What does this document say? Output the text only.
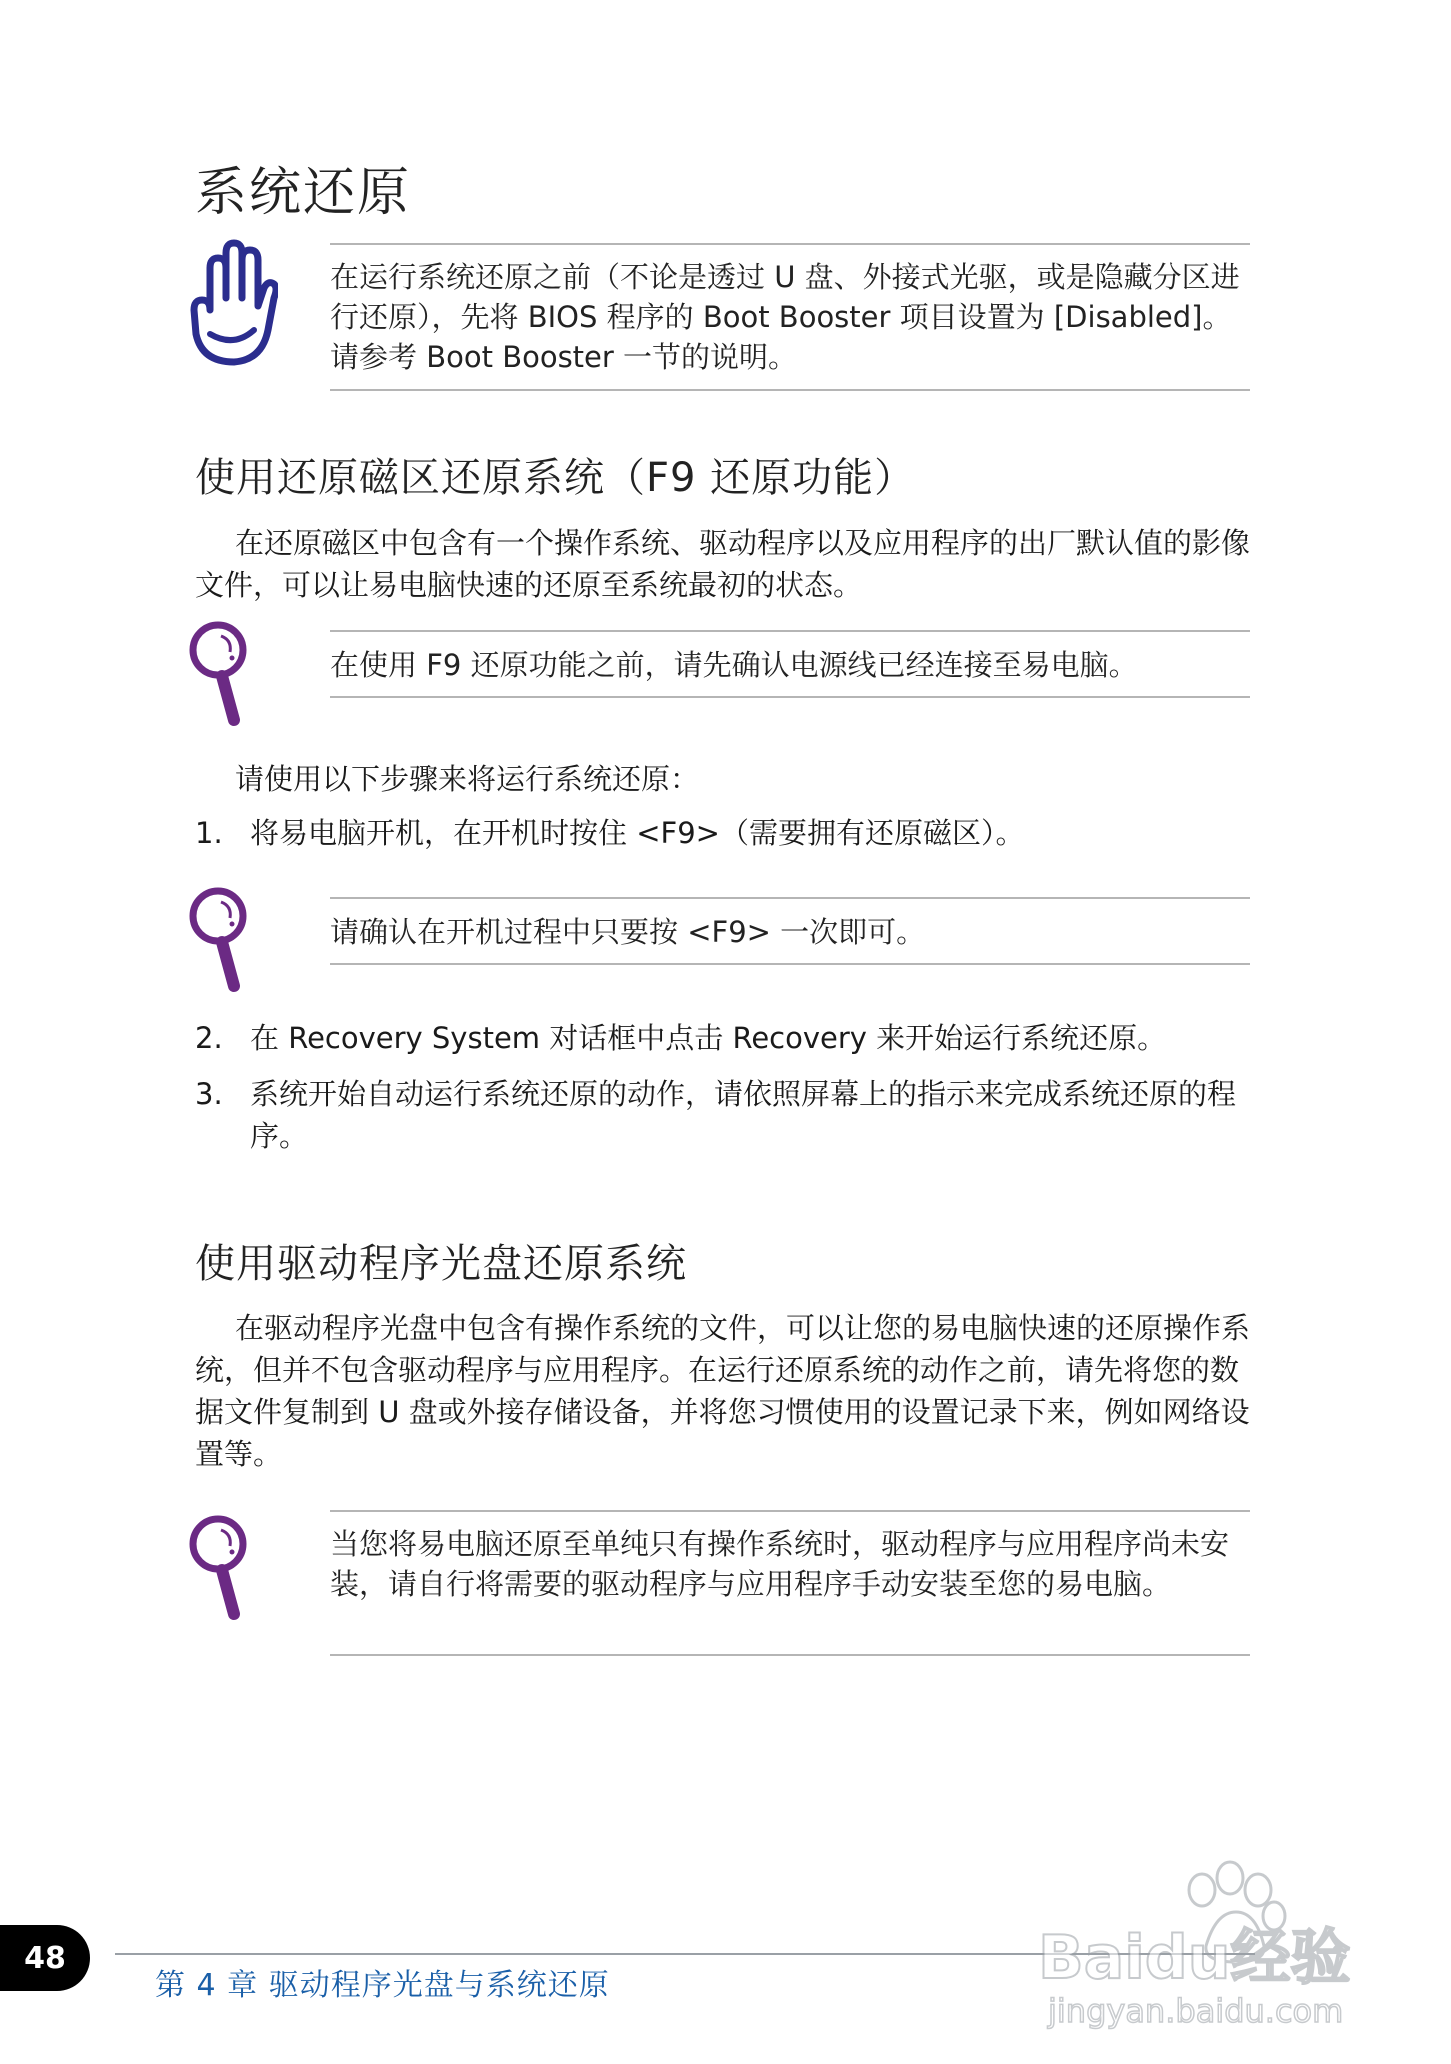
系统还原
在运行系统还原之前（不论是透过 U 盘、外接式光驱，或是隐藏分区进行还原），先将 BIOS 程序的 Boot Booster 项目设置为 [Disabled]。请参考 Boot Booster 一节的说明。
使用还原磁区还原系统（F9 还原功能）
在还原磁区中包含有一个操作系统、驱动程序以及应用程序的出厂默认值的影像文件，可以让易电脑快速的还原至系统最初的状态。
在使用 F9 还原功能之前，请先确认电源线已经连接至易电脑。
请使用以下步骤来将运行系统还原：
1. 将易电脑开机，在开机时按住 <F9>（需要拥有还原磁区）。
请确认在开机过程中只要按 <F9> 一次即可。
2. 在 Recovery System 对话框中点击 Recovery 来开始运行系统还原。
3. 系统开始自动运行系统还原的动作，请依照屏幕上的指示来完成系统还原的程序。
使用驱动程序光盘还原系统
在驱动程序光盘中包含有操作系统的文件，可以让您的易电脑快速的还原操作系统，但并不包含驱动程序与应用程序。在运行还原系统的动作之前，请先将您的数据文件复制到 U 盘或外接存储设备，并将您习惯使用的设置记录下来，例如网络设置等。
当您将易电脑还原至单纯只有操作系统时，驱动程序与应用程序尚未安装，请自行将需要的驱动程序与应用程序手动安装至您的易电脑。
48
第 4 章 驱动程序光盘与系统还原	Baidu经验
jingyan.baidu.com
